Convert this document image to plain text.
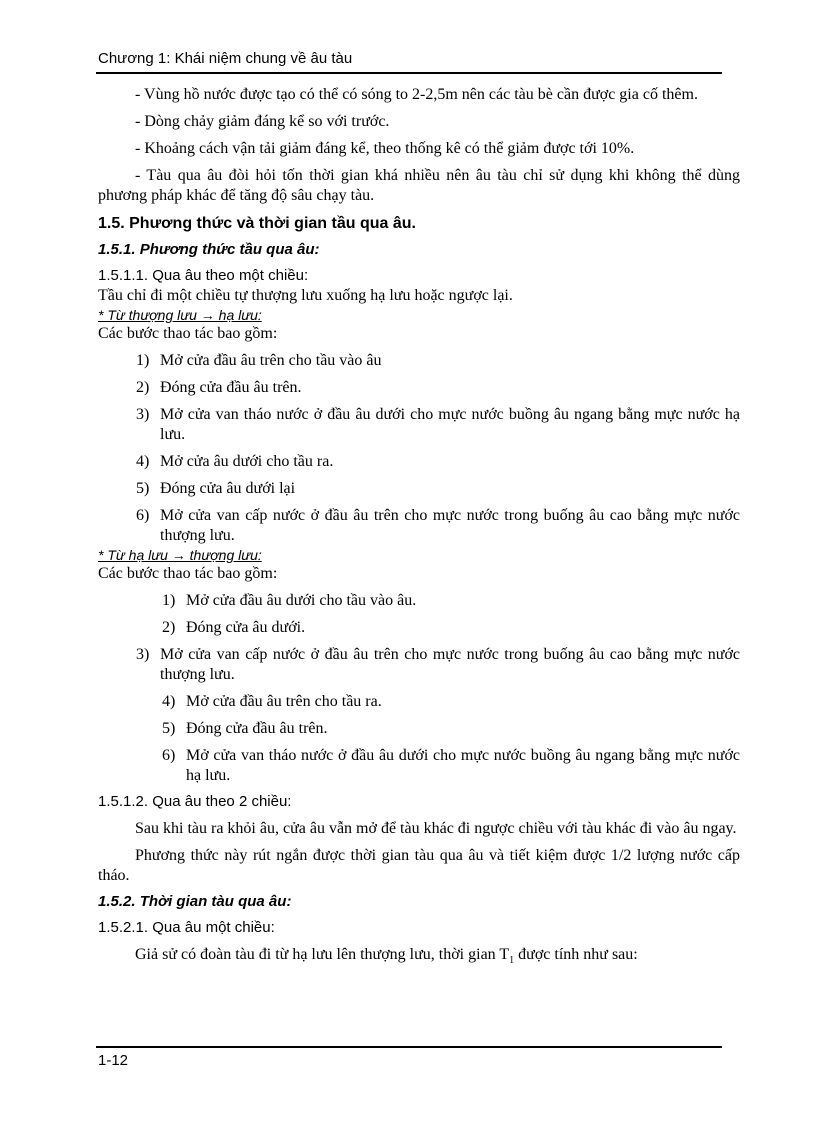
Chương 1: Khái niệm chung về âu tàu
- Vùng hồ nước được tạo có thể có sóng to 2-2,5m nên các tàu bè cần được gia cố thêm.
- Dòng chảy giảm đáng kể so với trước.
- Khoảng cách vận tải giảm đáng kể, theo thống kê có thể giảm được tới 10%.
- Tàu qua âu đòi hỏi tốn thời gian khá nhiều nên âu tàu chỉ sử dụng khi không thể dùng phương pháp khác để tăng độ sâu chạy tàu.
1.5. Phương thức và thời gian tầu qua âu.
1.5.1. Phương thức tầu qua âu:
1.5.1.1. Qua âu theo một chiều:
Tầu chỉ đi một chiều tự thượng lưu xuống hạ lưu hoặc ngược lại.
* Từ thượng lưu → hạ lưu:
Các bước thao tác bao gồm:
1) Mở cửa đầu âu trên cho tầu vào âu
2) Đóng cửa đầu âu trên.
3) Mở cửa van tháo nước ở đầu âu dưới cho mực nước buồng âu ngang bằng mực nước hạ lưu.
4) Mở cửa âu dưới cho tầu ra.
5) Đóng cửa âu dưới lại
6) Mở cửa van cấp nước ở đầu âu trên cho mực nước trong buống âu cao bằng mực nước thượng lưu.
* Từ hạ lưu → thượng lưu:
Các bước thao tác bao gồm:
1) Mở cửa đầu âu dưới cho tầu vào âu.
2) Đóng cửa âu dưới.
3) Mở cửa van cấp nước ở đầu âu trên cho mực nước trong buống âu cao bằng mực nước thượng lưu.
4) Mở cửa đầu âu trên cho tầu ra.
5) Đóng cửa đầu âu trên.
6) Mở cửa van tháo nước ở đầu âu dưới cho mực nước buồng âu ngang bằng mực nước hạ lưu.
1.5.1.2. Qua âu theo 2 chiều:
Sau khi tàu ra khỏi âu, cửa âu vẫn mở để tàu khác đi ngược chiều với tàu khác đi vào âu ngay.
Phương thức này rút ngắn được thời gian tàu qua âu và tiết kiệm được 1/2 lượng nước cấp tháo.
1.5.2. Thời gian tàu qua âu:
1.5.2.1. Qua âu một chiều:
Giả sử có đoàn tàu đi từ hạ lưu lên thượng lưu, thời gian $T_1$ được tính như sau:
1-12
